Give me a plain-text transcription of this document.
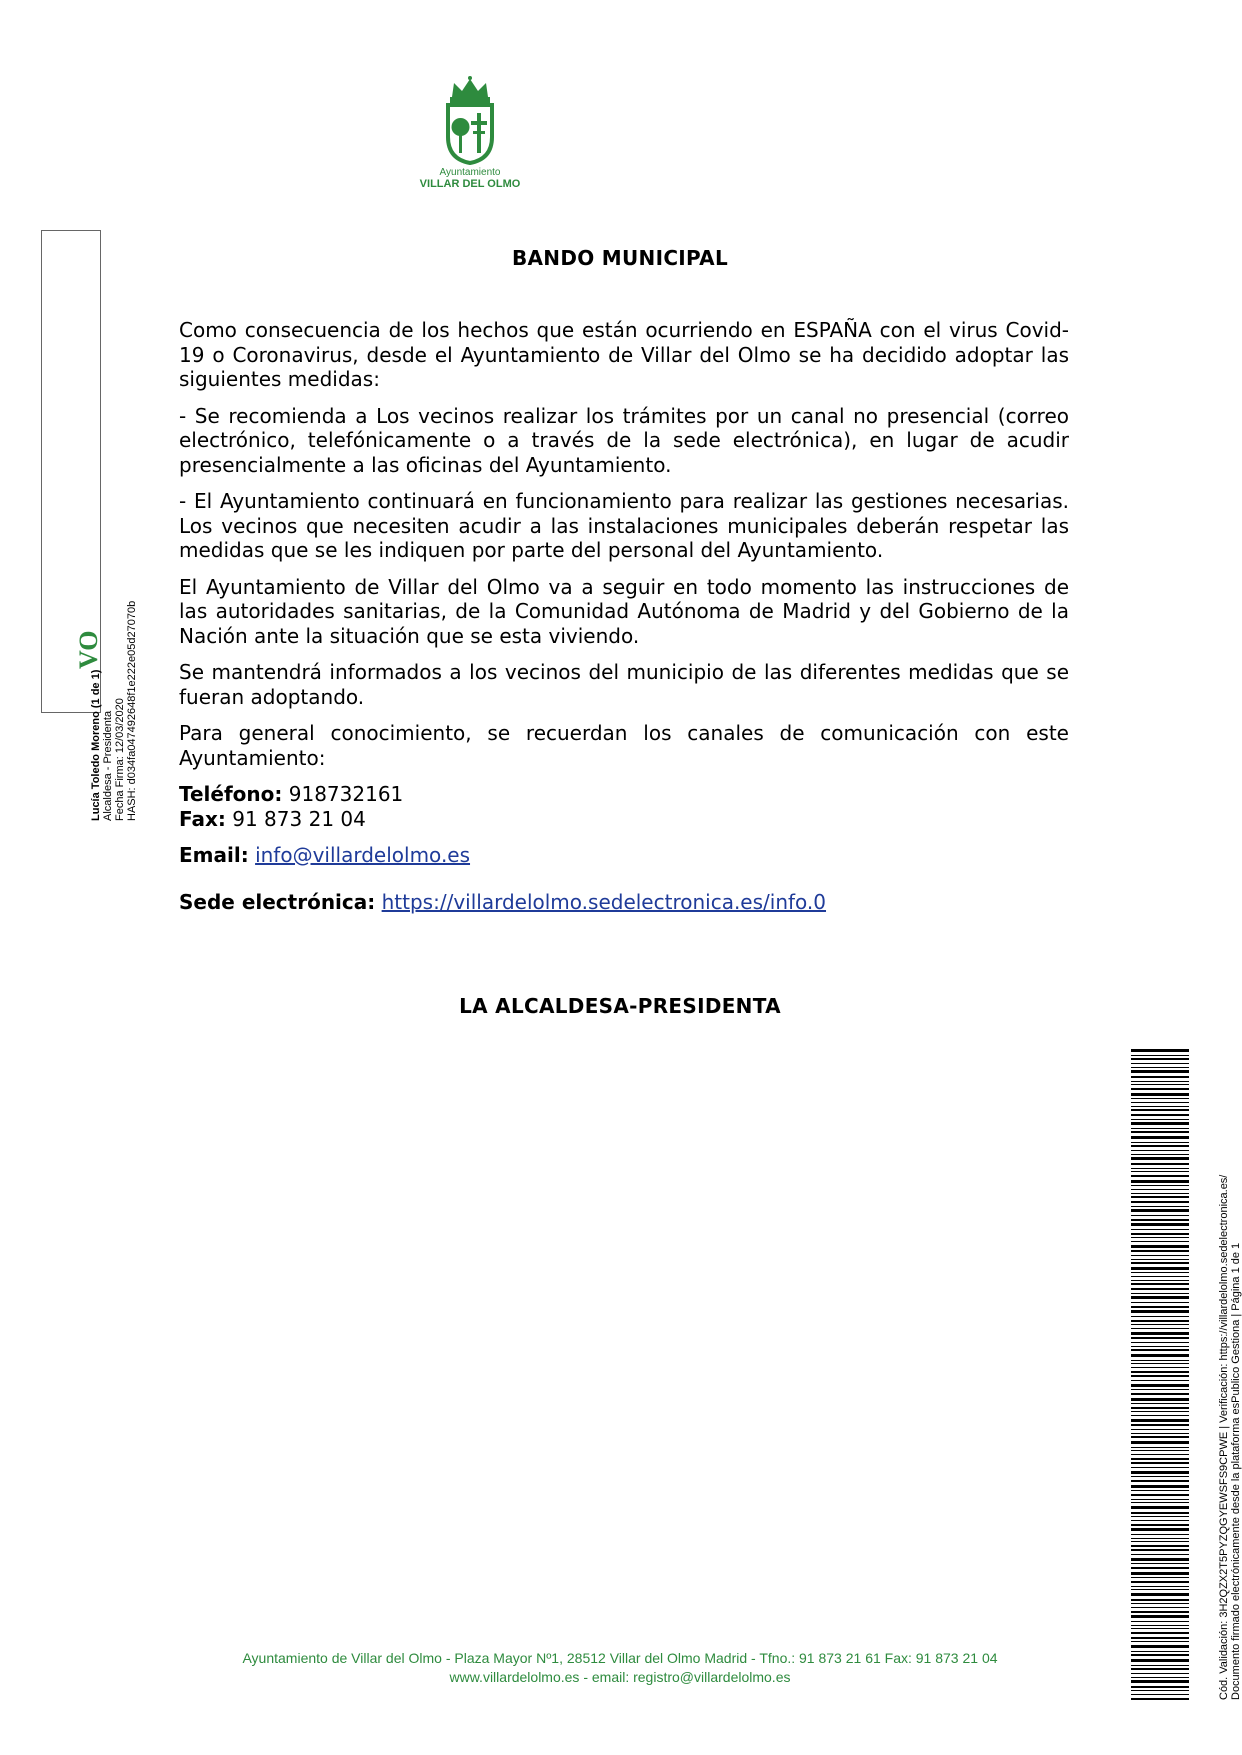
Ayuntamiento
VILLAR DEL OLMO
VO
Lucía Toledo Moreno (1 de 1) Alcaldesa - Presidenta Fecha Firma: 12/03/2020 HASH: d034fa047492648f1e222e05d27070b
BANDO MUNICIPAL

Como consecuencia de los hechos que están ocurriendo en ESPAÑA con el virus Covid-19 o Coronavirus, desde el Ayuntamiento de Villar del Olmo se ha decidido adoptar las siguientes medidas:

- Se recomienda a Los vecinos realizar los trámites por un canal no presencial (correo electrónico, telefónicamente o a través de la sede electrónica), en lugar de acudir presencialmente a las oficinas del Ayuntamiento.

- El Ayuntamiento continuará en funcionamiento para realizar las gestiones necesarias. Los vecinos que necesiten acudir a las instalaciones municipales deberán respetar las medidas que se les indiquen por parte del personal del Ayuntamiento.

El Ayuntamiento de Villar del Olmo va a seguir en todo momento las instrucciones de las autoridades sanitarias, de la Comunidad Autónoma de Madrid y del Gobierno de la Nación ante la situación que se esta viviendo.

Se mantendrá informados a los vecinos del municipio de las diferentes medidas que se fueran adoptando.

Para general conocimiento, se recuerdan los canales de comunicación con este Ayuntamiento:

Teléfono: 918732161
Fax: 91 873 21 04
Email: info@villardelolmo.es
Sede electrónica: https://villardelolmo.sedelectronica.es/info.0
LA ALCALDESA-PRESIDENTA
Cód. Validación: 3H2QZX2T5PYZQGYEWSFS9CPWE | Verificación: https://villardelolmo.sedelectronica.es/ Documento firmado electrónicamente desde la plataforma esPublico Gestiona | Página 1 de 1
Ayuntamiento de Villar del Olmo - Plaza Mayor Nº1, 28512 Villar del Olmo Madrid - Tfno.: 91 873 21 61 Fax: 91 873 21 04
www.villardelolmo.es - email: registro@villardelolmo.es
